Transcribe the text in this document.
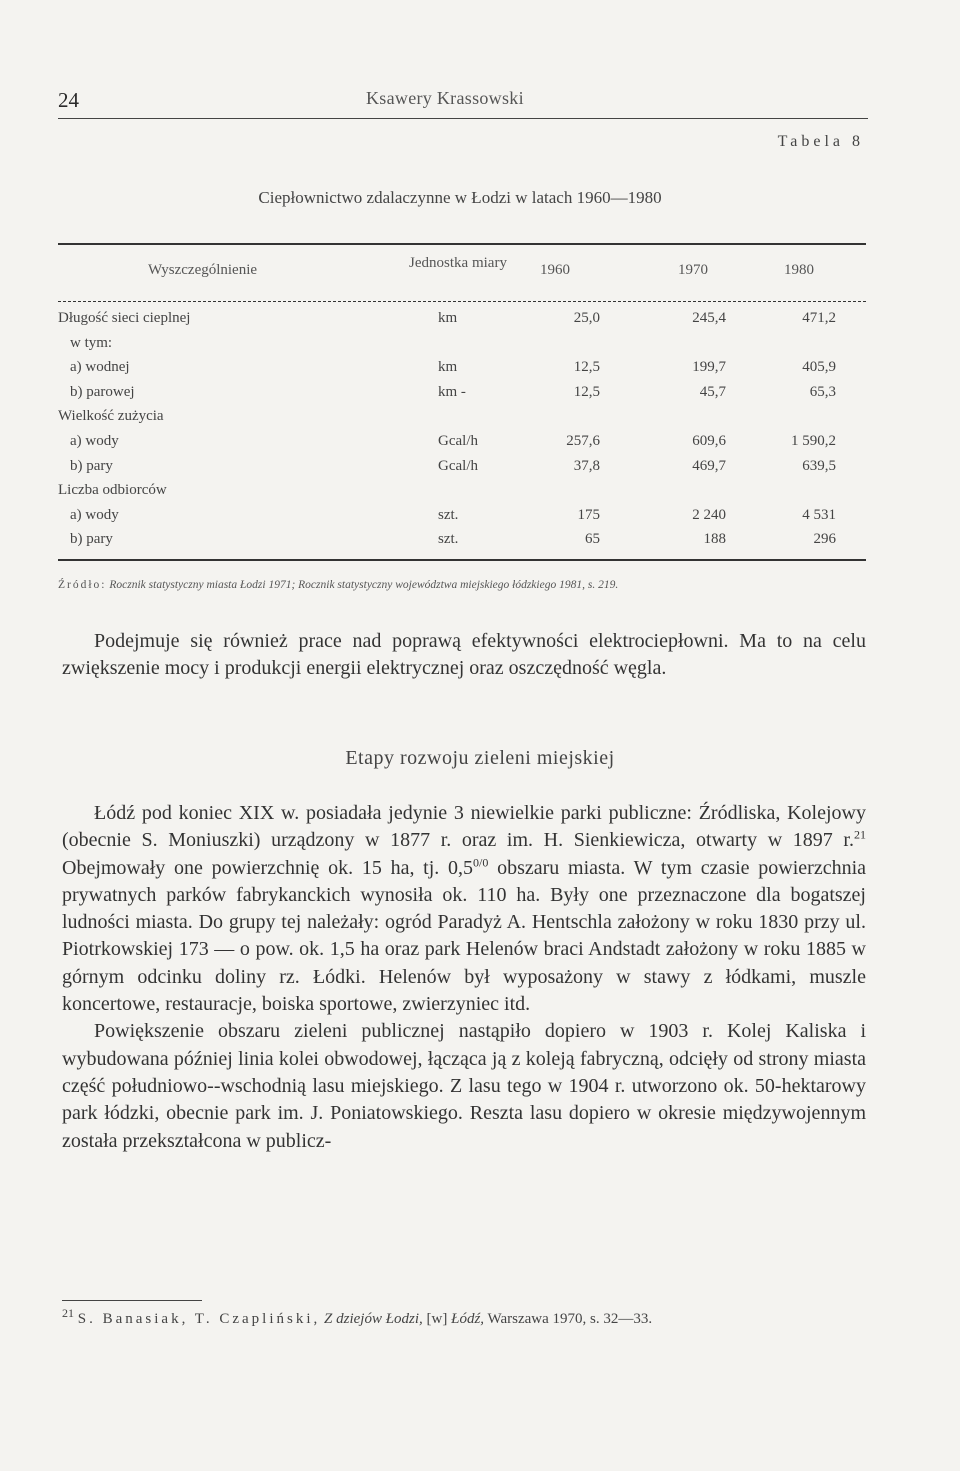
24	Ksawery Krassowski
Tabela 8
Ciepłownictwo zdalaczynne w Łodzi w latach 1960—1980
Wyszczególnienie	Jednostka miary	1960	1970	1980
Długość sieci cieplnej	km	25,0	245,4	471,2
w tym:
a) wodnej	km	12,5	199,7	405,9
b) parowej	km -	12,5	45,7	65,3
Wielkość zużycia
a) wody	Gcal/h	257,6	609,6	1 590,2
b) pary	Gcal/h	37,8	469,7	639,5
Liczba odbiorców
a) wody	szt.	175	2 240	4 531
b) pary	szt.	65	188	296
Źródło: Rocznik statystyczny miasta Łodzi 1971; Rocznik statystyczny województwa miejskiego łódzkiego 1981, s. 219.

Podejmuje się również prace nad poprawą efektywności elektrociepłowni. Ma to na celu zwiększenie mocy i produkcji energii elektrycznej oraz oszczędność węgla.

Etapy rozwoju zieleni miejskiej

Łódź pod koniec XIX w. posiadała jedynie 3 niewielkie parki publiczne: Źródliska, Kolejowy (obecnie S. Moniuszki) urządzony w 1877 r. oraz im. H. Sienkiewicza, otwarty w 1897 r.$^{21}$ Obejmowały one powierzchnię ok. 15 ha, tj. $0,5^{0/0}$ obszaru miasta. W tym czasie powierzchnia prywatnych parków fabrykanckich wynosiła ok. 110 ha. Były one przeznaczone dla bogatszej ludności miasta. Do grupy tej należały: ogród Paradyż A. Hentschla założony w roku 1830 przy ul. Piotrkowskiej 173 — o pow. ok. 1,5 ha oraz park Helenów braci Andstadt założony w roku 1885 w górnym odcinku doliny rz. Łódki. Helenów był wyposażony w stawy z łódkami, muszle koncertowe, restauracje, boiska sportowe, zwierzyniec itd.
Powiększenie obszaru zieleni publicznej nastąpiło dopiero w 1903 r. Kolej Kaliska i wybudowana później linia kolei obwodowej, łącząca ją z koleją fabryczną, odcięły od strony miasta część południowo--wschodnią lasu miejskiego. Z lasu tego w 1904 r. utworzono ok. 50-hektarowy park łódzki, obecnie park im. J. Poniatowskiego. Reszta lasu dopiero w okresie międzywojennym została przekształcona w publicz-

$^{21}$ S. Banasiak, T. Czapliński, Z dziejów Łodzi, [w] Łódź, Warszawa 1970, s. 32—33.
